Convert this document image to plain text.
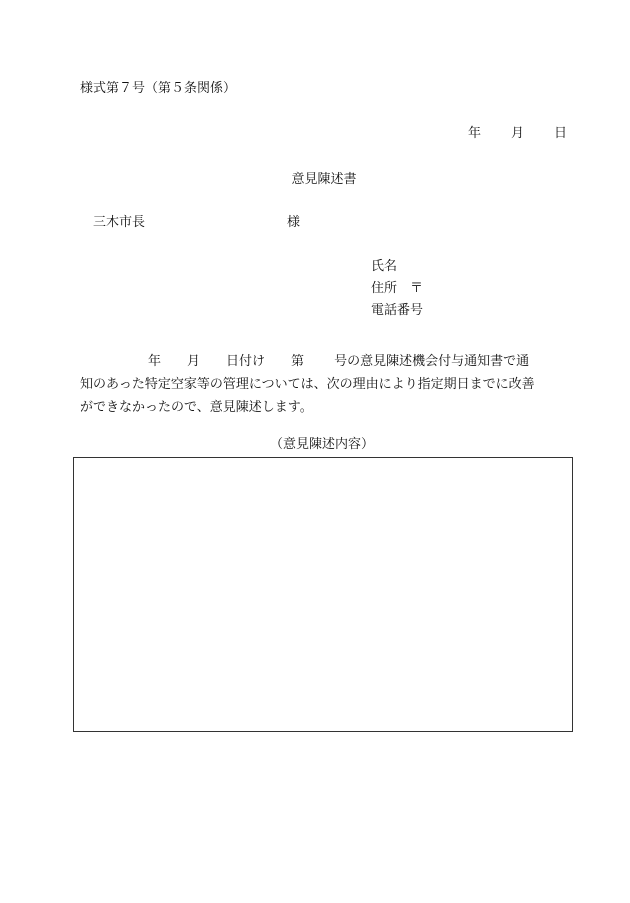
様式第７号（第５条関係）
年 月 日
意見陳述書
三木市長	様
氏名
住所　〒
電話番号
年 月 日付け 第 号の意見陳述機会付与通知書で通
知のあった特定空家等の管理については、次の理由により指定期日までに改善
ができなかったので、意見陳述します。
（意見陳述内容）
